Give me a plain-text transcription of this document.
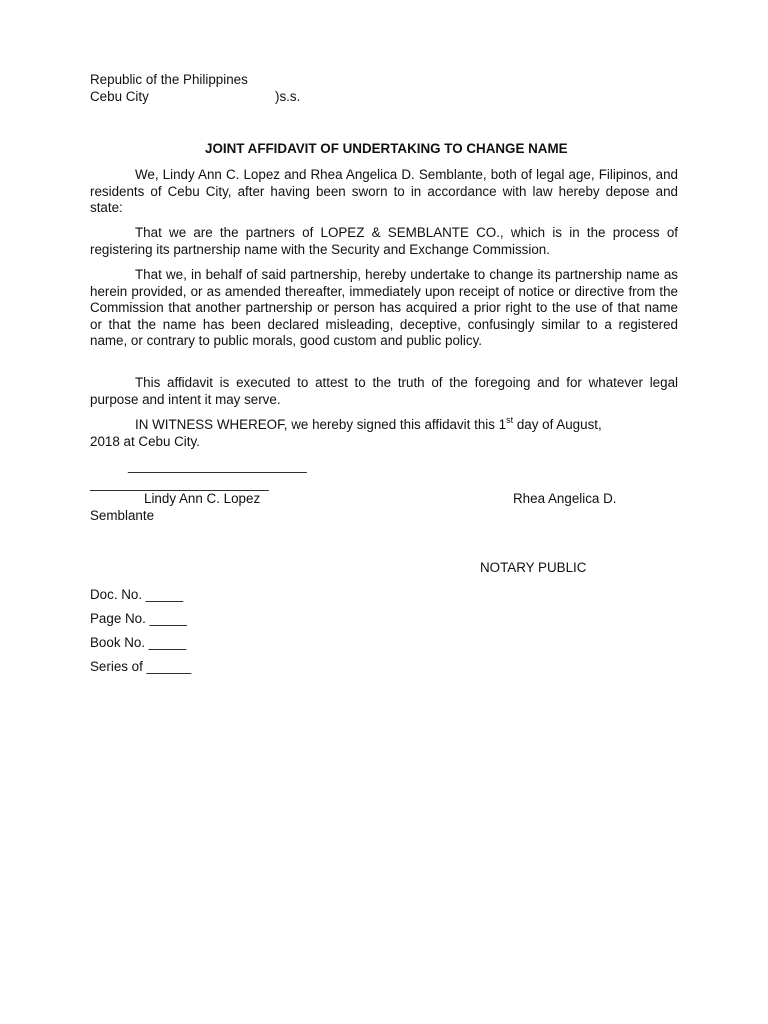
Republic of the Philippines
Cebu City	)s.s.
JOINT AFFIDAVIT OF UNDERTAKING TO CHANGE NAME
We, Lindy Ann C. Lopez and Rhea Angelica D. Semblante, both of legal age, Filipinos, and residents of Cebu City, after having been sworn to in accordance with law hereby depose and state:
That we are the partners of LOPEZ & SEMBLANTE CO., which is in the process of registering its partnership name with the Security and Exchange Commission.
That we, in behalf of said partnership, hereby undertake to change its partnership name as herein provided, or as amended thereafter, immediately upon receipt of notice or directive from the Commission that another partnership or person has acquired a prior right to the use of that name or that the name has been declared misleading, deceptive, confusingly similar to a registered name, or contrary to public morals, good custom and public policy.
This affidavit is executed to attest to the truth of the foregoing and for whatever legal purpose and intent it may serve.
IN WITNESS WHEREOF, we hereby signed this affidavit this 1st day of August,
2018 at Cebu City.
________________________
________________________
Lindy Ann C. Lopez	Rhea Angelica D.
Semblante
NOTARY PUBLIC
Doc. No. _____
Page No. _____
Book No. _____
Series of ______
